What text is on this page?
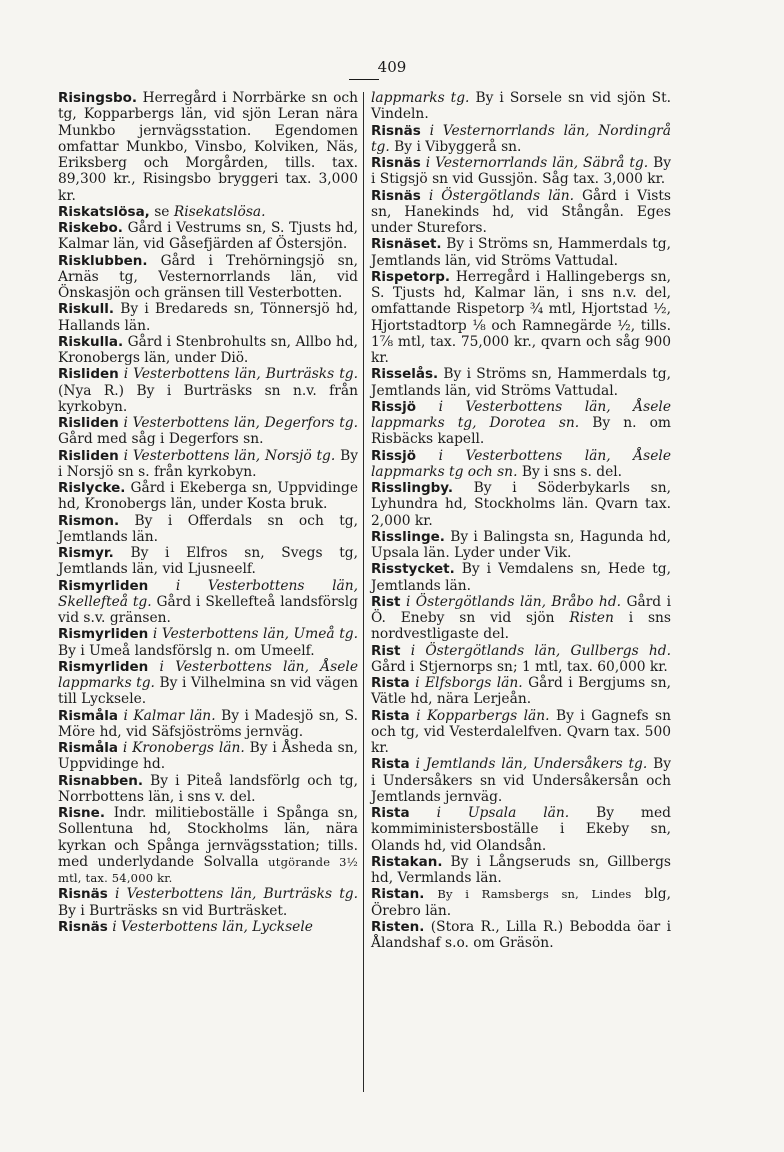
409

Risingsbo. Herregård i Norrbärke sn och tg, Kopparbergs län, vid sjön Leran nära Munkbo jernvägsstation. Egendomen omfattar Munkbo, Vinsbo, Kolviken, Näs, Eriksberg och Morgården, tills. tax. 89,300 kr., Risingsbo bryggeri tax. 3,000 kr.

Riskatslösa, se Risekatslösa.

Riskebo. Gård i Vestrums sn, S. Tjusts hd, Kalmar län, vid Gåsefjärden af Östersjön.

Risklubben. Gård i Trehörningsjö sn, Arnäs tg, Vesternorrlands län, vid Önskasjön och gränsen till Vesterbotten.

Riskull. By i Bredareds sn, Tönnersjö hd, Hallands län.

Riskulla. Gård i Stenbrohults sn, Allbo hd, Kronobergs län, under Diö.

Risliden i Vesterbottens län, Burträsks tg. (Nya R.) By i Burträsks sn n.v. från kyrkobyn.

Risliden i Vesterbottens län, Degerfors tg. Gård med såg i Degerfors sn.

Risliden i Vesterbottens län, Norsjö tg. By i Norsjö sn s. från kyrkobyn.

Rislycke. Gård i Ekeberga sn, Uppvidinge hd, Kronobergs län, under Kosta bruk.

Rismon. By i Offerdals sn och tg, Jemtlands län.

Rismyr. By i Elfros sn, Svegs tg, Jemtlands län, vid Ljusneelf.

Rismyrliden i Vesterbottens län, Skellefteå tg. Gård i Skellefteå landsförslg vid s.v. gränsen.

Rismyrliden i Vesterbottens län, Umeå tg. By i Umeå landsförslg n. om Umeelf.

Rismyrliden i Vesterbottens län, Åsele lappmarks tg. By i Vilhelmina sn vid vägen till Lycksele.

Rismåla i Kalmar län. By i Madesjö sn, S. Möre hd, vid Säfsjöströms jernväg.

Rismåla i Kronobergs län. By i Åsheda sn, Uppvidinge hd.

Risnabben. By i Piteå landsförlg och tg, Norrbottens län, i sns v. del.

Risne. Indr. militieboställe i Spånga sn, Sollentuna hd, Stockholms län, nära kyrkan och Spånga jernvägsstation; tills. med underlydande Solvalla utgörande 3½ mtl, tax. 54,000 kr.

Risnäs i Vesterbottens län, Burträsks tg. By i Burträsks sn vid Burträsket.

Risnäs i Vesterbottens län, Lycksele

lappmarks tg. By i Sorsele sn vid sjön St. Vindeln.

Risnäs i Vesternorrlands län, Nordingrå tg. By i Vibyggerå sn.

Risnäs i Vesternorrlands län, Säbrå tg. By i Stigsjö sn vid Gussjön. Såg tax. 3,000 kr.

Risnäs i Östergötlands län. Gård i Vists sn, Hanekinds hd, vid Stångån. Eges under Sturefors.

Risnäset. By i Ströms sn, Hammerdals tg, Jemtlands län, vid Ströms Vattudal.

Rispetorp. Herregård i Hallingebergs sn, S. Tjusts hd, Kalmar län, i sns n.v. del, omfattande Rispetorp ¾ mtl, Hjortstad ½, Hjortstadtorp ⅛ och Ramnegärde ½, tills. 1⅞ mtl, tax. 75,000 kr., qvarn och såg 900 kr.

Risselås. By i Ströms sn, Hammerdals tg, Jemtlands län, vid Ströms Vattudal.

Rissjö i Vesterbottens län, Åsele lappmarks tg, Dorotea sn. By n. om Risbäcks kapell.

Rissjö i Vesterbottens län, Åsele lappmarks tg och sn. By i sns s. del.

Risslingby. By i Söderbykarls sn, Lyhundra hd, Stockholms län. Qvarn tax. 2,000 kr.

Risslinge. By i Balingsta sn, Hagunda hd, Upsala län. Lyder under Vik.

Risstycket. By i Vemdalens sn, Hede tg, Jemtlands län.

Rist i Östergötlands län, Bråbo hd. Gård i Ö. Eneby sn vid sjön Risten i sns nordvestligaste del.

Rist i Östergötlands län, Gullbergs hd. Gård i Stjernorps sn; 1 mtl, tax. 60,000 kr.

Rista i Elfsborgs län. Gård i Bergjums sn, Vätle hd, nära Lerjeån.

Rista i Kopparbergs län. By i Gagnefs sn och tg, vid Vesterdalelfven. Qvarn tax. 500 kr.

Rista i Jemtlands län, Undersåkers tg. By i Undersåkers sn vid Undersåkersån och Jemtlands jernväg.

Rista i Upsala län. By med kommiministersboställe i Ekeby sn, Olands hd, vid Olandsån.

Ristakan. By i Långseruds sn, Gillbergs hd, Vermlands län.

Ristan. By i Ramsbergs sn, Lindes blg, Örebro län.

Risten. (Stora R., Lilla R.) Bebodda öar i Ålandshaf s.o. om Gräsön.
